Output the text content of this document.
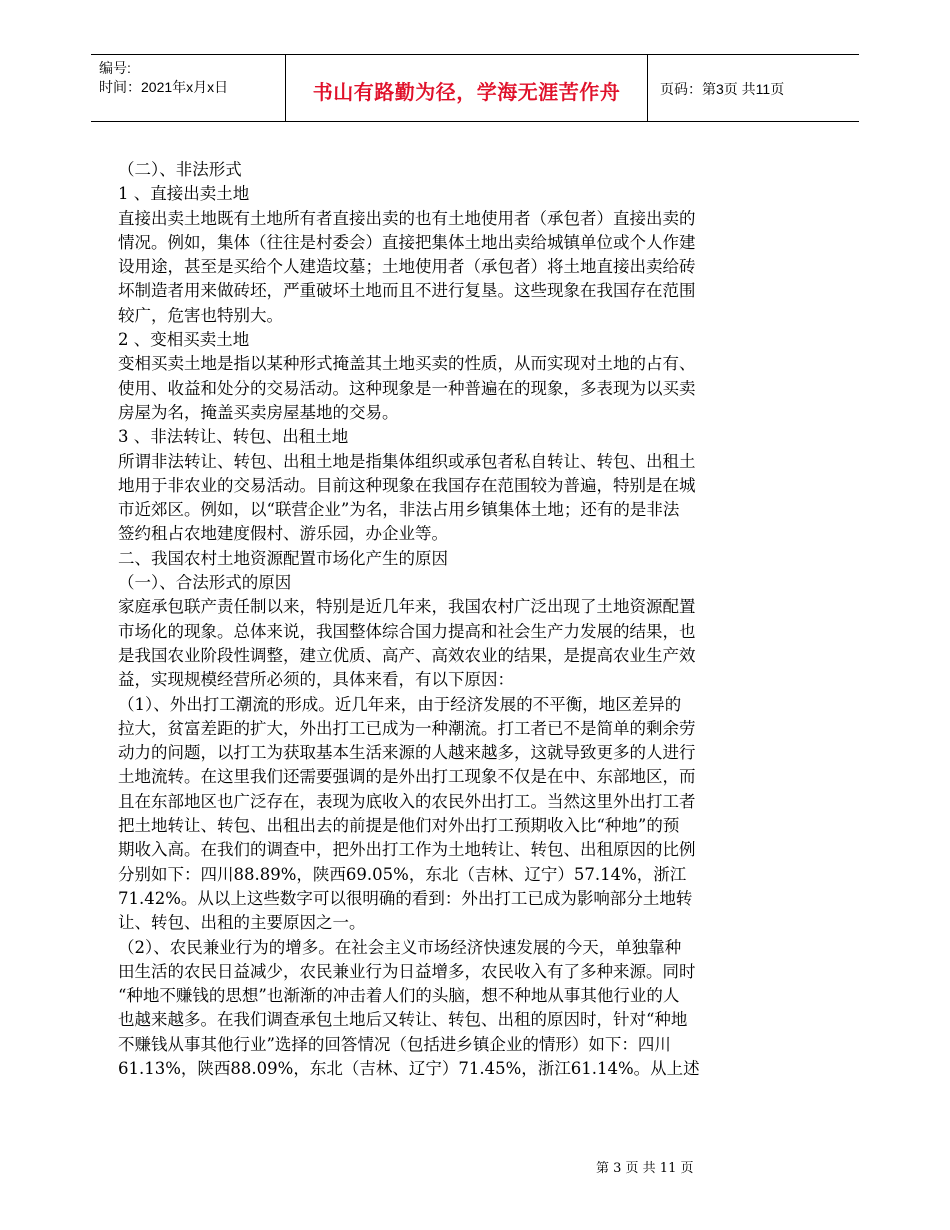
编号:
时间：2021年x月x日	书山有路勤为径，学海无涯苦作舟	页码：第3页 共11页
（二）、非法形式
1 、直接出卖土地
直接出卖土地既有土地所有者直接出卖的也有土地使用者（承包者）直接出卖的
情况。例如，集体（往往是村委会）直接把集体土地出卖给城镇单位或个人作建
设用途，甚至是买给个人建造坟墓；土地使用者（承包者）将土地直接出卖给砖
坏制造者用来做砖坯，严重破坏土地而且不进行复垦。这些现象在我国存在范围
较广，危害也特别大。
2 、变相买卖土地
变相买卖土地是指以某种形式掩盖其土地买卖的性质，从而实现对土地的占有、
使用、收益和处分的交易活动。这种现象是一种普遍在的现象，多表现为以买卖
房屋为名，掩盖买卖房屋基地的交易。
3 、非法转让、转包、出租土地
所谓非法转让、转包、出租土地是指集体组织或承包者私自转让、转包、出租土
地用于非农业的交易活动。目前这种现象在我国存在范围较为普遍，特别是在城
市近郊区。例如，以“联营企业”为名，非法占用乡镇集体土地；还有的是非法
签约租占农地建度假村、游乐园，办企业等。
二、我国农村土地资源配置市场化产生的原因
（一）、合法形式的原因
家庭承包联产责任制以来，特别是近几年来，我国农村广泛出现了土地资源配置
市场化的现象。总体来说，我国整体综合国力提高和社会生产力发展的结果，也
是我国农业阶段性调整，建立优质、高产、高效农业的结果，是提高农业生产效
益，实现规模经营所必须的，具体来看，有以下原因：
（1）、外出打工潮流的形成。近几年来，由于经济发展的不平衡，地区差异的
拉大，贫富差距的扩大，外出打工已成为一种潮流。打工者已不是简单的剩余劳
动力的问题，以打工为获取基本生活来源的人越来越多，这就导致更多的人进行
土地流转。在这里我们还需要强调的是外出打工现象不仅是在中、东部地区，而
且在东部地区也广泛存在，表现为底收入的农民外出打工。当然这里外出打工者
把土地转让、转包、出租出去的前提是他们对外出打工预期收入比“种地”的预
期收入高。在我们的调查中，把外出打工作为土地转让、转包、出租原因的比例
分别如下：四川88.89%，陕西69.05%，东北（吉林、辽宁）57.14%，浙江
71.42%。从以上这些数字可以很明确的看到：外出打工已成为影响部分土地转
让、转包、出租的主要原因之一。
（2）、农民兼业行为的增多。在社会主义市场经济快速发展的今天，单独靠种
田生活的农民日益减少，农民兼业行为日益增多，农民收入有了多种来源。同时
“种地不赚钱的思想”也渐渐的冲击着人们的头脑，想不种地从事其他行业的人
也越来越多。在我们调查承包土地后又转让、转包、出租的原因时，针对“种地
不赚钱从事其他行业”选择的回答情况（包括进乡镇企业的情形）如下：四川
61.13%，陕西88.09%，东北（吉林、辽宁）71.45%，浙江61.14%。从上述
第 3 页 共 11 页
